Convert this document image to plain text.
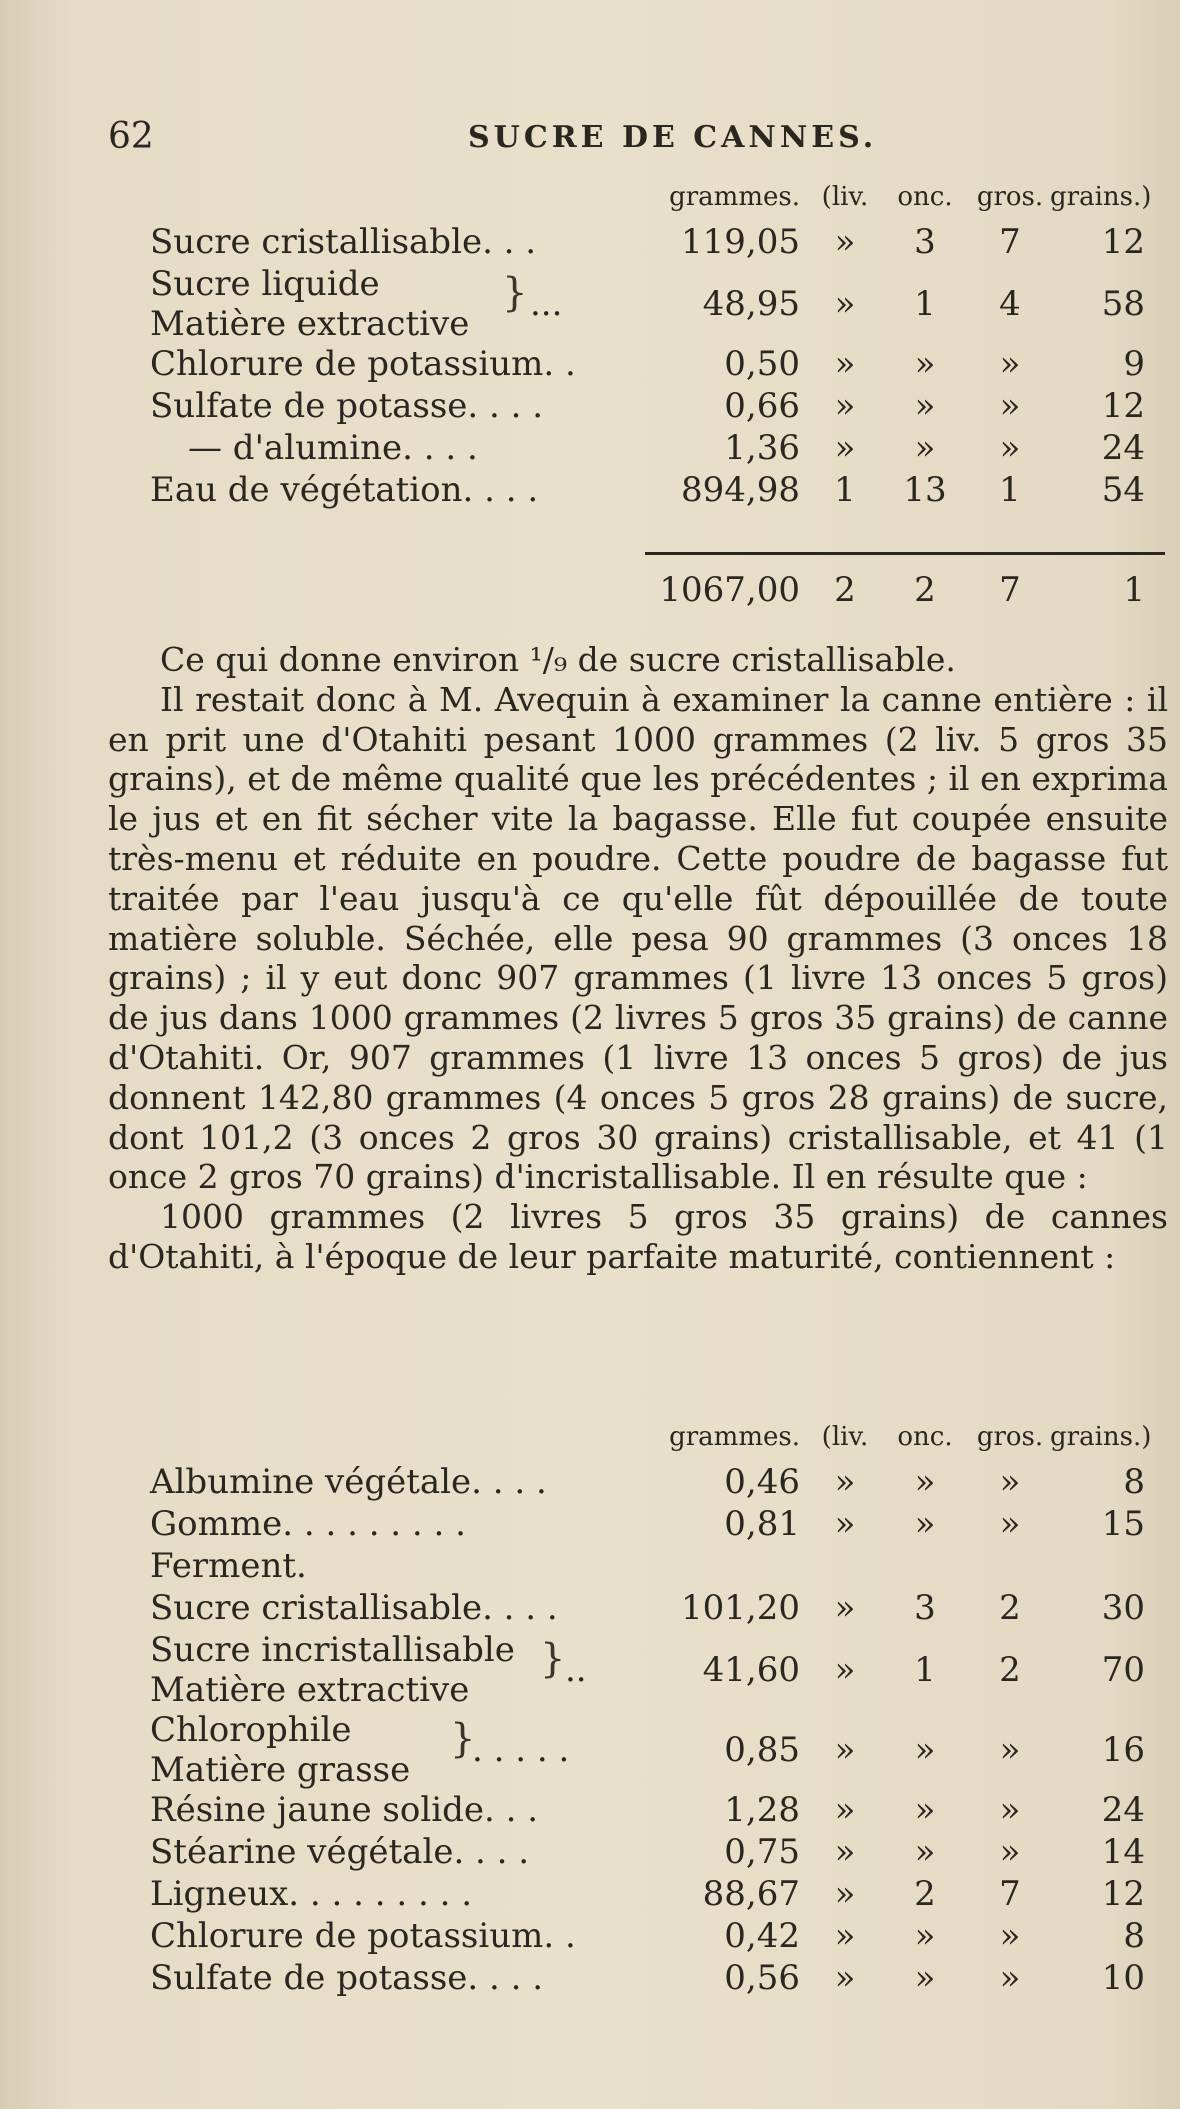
62	SUCRE DE CANNES.
grammes. (liv.	onc. gros. grains.)
Sucre cristallisable. . .	119,05	»	3	7	12
Sucre liquide
Matière extractive
} ...	48,95	»	1	4	58
Chlorure de potassium. .	0,50	»	»	»	9
Sulfate de potasse. . . .	0,66	»	»	»	12
— d'alumine. . . .	1,36	»	»	»	24
Eau de végétation. . . .	894,98	1	13	1	54
1067,00	2	2	7	1

Ce qui donne environ ¹/₉ de sucre cristallisable.

Il restait donc à M. Avequin à examiner la canne entière : il en prit une d'Otahiti pesant 1000 grammes (2 liv. 5 gros 35 grains), et de même qualité que les précédentes ; il en exprima le jus et en fit sécher vite la bagasse. Elle fut coupée ensuite très-menu et réduite en poudre. Cette poudre de bagasse fut traitée par l'eau jusqu'à ce qu'elle fût dépouillée de toute matière soluble. Séchée, elle pesa 90 grammes (3 onces 18 grains) ; il y eut donc 907 grammes (1 livre 13 onces 5 gros) de jus dans 1000 grammes (2 livres 5 gros 35 grains) de canne d'Otahiti. Or, 907 grammes (1 livre 13 onces 5 gros) de jus donnent 142,80 grammes (4 onces 5 gros 28 grains) de sucre, dont 101,2 (3 onces 2 gros 30 grains) cristallisable, et 41 (1 once 2 gros 70 grains) d'incristallisable. Il en résulte que :

1000 grammes (2 livres 5 gros 35 grains) de cannes d'Otahiti, à l'époque de leur parfaite maturité, contiennent :

grammes. (liv.	onc. gros. grains.)
Albumine végétale. . . .	0,46	»	»	»	8
Gomme. . . . . . . . .	0,81	»	»	»	15
Ferment.
Sucre cristallisable. . . .	101,20	»	3	2	30
Sucre incristallisable
Matière extractive
} ..	41,60	»	1	2	70
Chlorophile
Matière grasse
}
. . . . .	0,85	»	»	»	16
Résine jaune solide. . .	1,28	»	»	»	24
Stéarine végétale. . . .	0,75	»	»	»	14
Ligneux. . . . . . . . .	88,67	»	2	7	12
Chlorure de potassium. .	0,42	»	»	»	8
Sulfate de potasse. . . .	0,56	»	»	»	10
